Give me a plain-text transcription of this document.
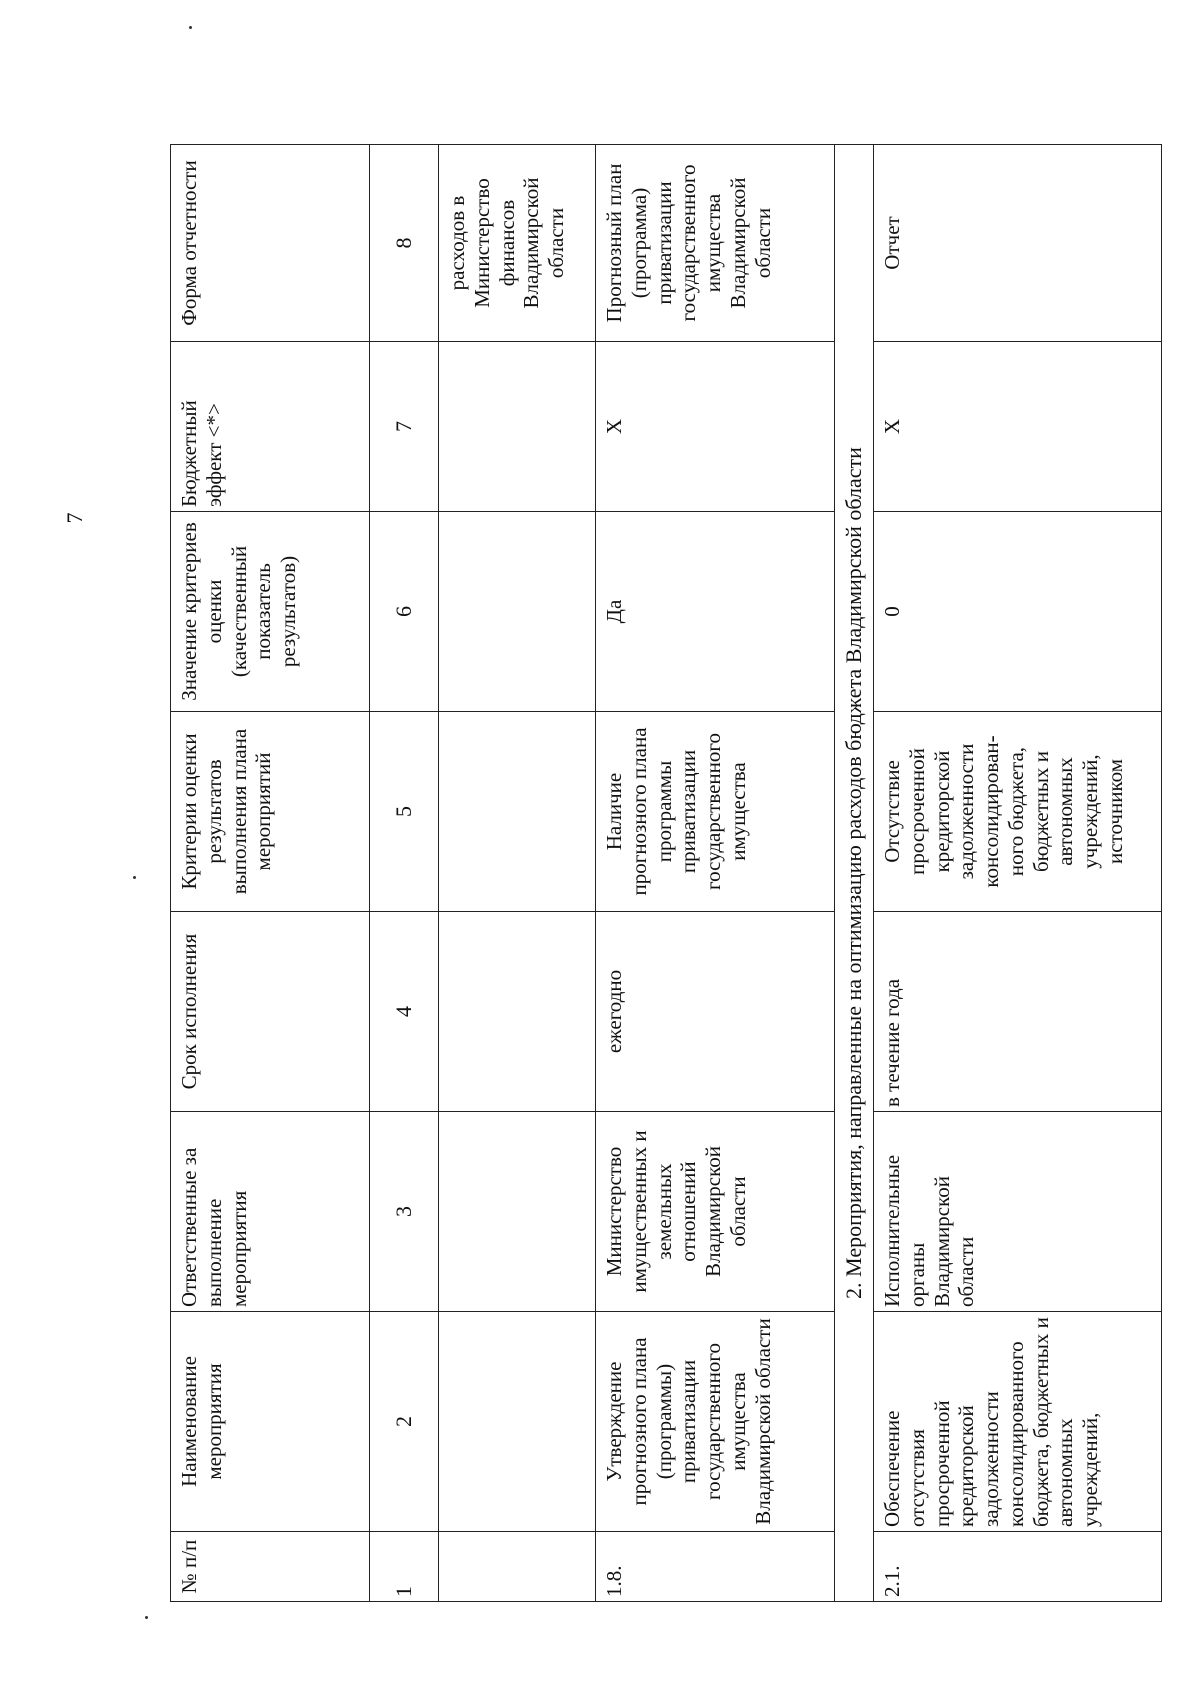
7
№ п/п	Наименование мероприятия	Ответственные за выполнение мероприятия	Срок исполнения	Критерии оценки результатов выполнения плана мероприятий	Значение критериев оценки (качественный показатель результатов)	Бюджетный эффект <*>	Форма отчетности
1	2	3	4	5	6	7	8
							расходов в Министерство финансов Владимирской области
1.8.	Утверждение прогнозного плана (программы) приватизации государственного имущества Владимирской области	Министерство имущественных и земельных отношений Владимирской области	ежегодно	Наличие прогнозного плана программы приватизации государственного имущества	Да	X	Прогнозный план (программа) приватизации государственного имущества Владимирской области
2. Мероприятия, направленные на оптимизацию расходов бюджета Владимирской области							
2.1.	Обеспечение отсутствия просроченной кредиторской задолженности консолидированного бюджета, бюджетных и автономных учреждений,	Исполнительные органы Владимирской области	в течение года	Отсутствие просроченной кредиторской задолженности консолидирован-ного бюджета, бюджетных и автономных учреждений, источником	0	X	Отчет
